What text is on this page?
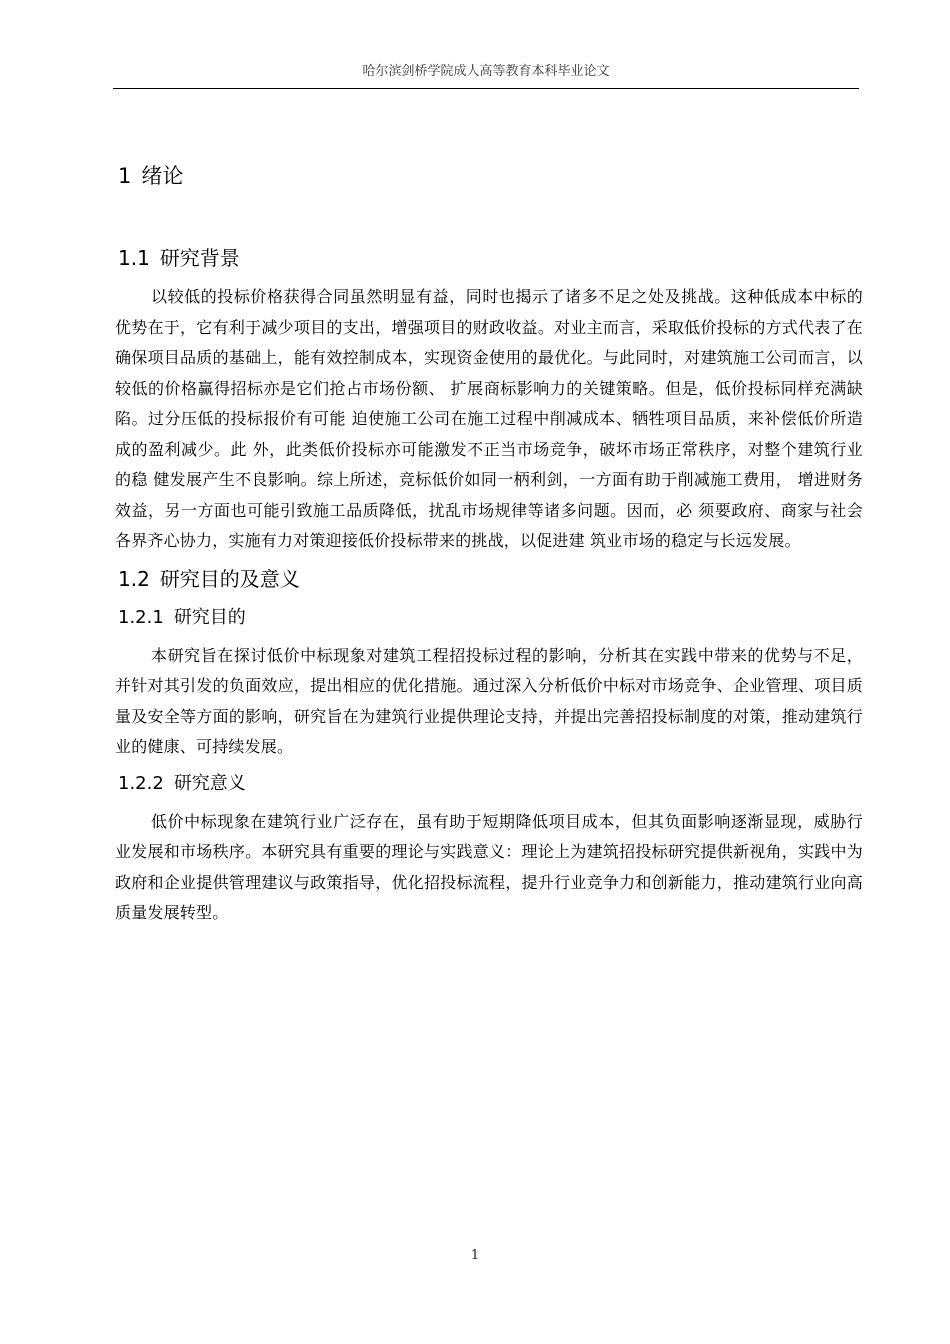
哈尔滨剑桥学院成人高等教育本科毕业论文
1 绪论
1.1 研究背景

以较低的投标价格获得合同虽然明显有益，同时也揭示了诸多不足之处及挑战。这种低成本中标的优势在于，它有利于减少项目的支出，增强项目的财政收益。对业主而言，采取低价投标的方式代表了在确保项目品质的基础上，能有效控制成本，实现资金使用的最优化。与此同时，对建筑施工公司而言，以较低的价格赢得招标亦是它们抢占市场份额、 扩展商标影响力的关键策略。但是，低价投标同样充满缺陷。过分压低的投标报价有可能 迫使施工公司在施工过程中削减成本、牺牲项目品质，来补偿低价所造成的盈利减少。此 外，此类低价投标亦可能激发不正当市场竞争，破坏市场正常秩序，对整个建筑行业的稳 健发展产生不良影响。综上所述，竞标低价如同一柄利剑，一方面有助于削减施工费用， 增进财务效益，另一方面也可能引致施工品质降低，扰乱市场规律等诸多问题。因而，必 须要政府、商家与社会各界齐心协力，实施有力对策迎接低价投标带来的挑战，以促进建 筑业市场的稳定与长远发展。

1.2 研究目的及意义
1.2.1 研究目的

本研究旨在探讨低价中标现象对建筑工程招投标过程的影响，分析其在实践中带来的优势与不足，并针对其引发的负面效应，提出相应的优化措施。通过深入分析低价中标对市场竞争、企业管理、项目质量及安全等方面的影响，研究旨在为建筑行业提供理论支持，并提出完善招投标制度的对策，推动建筑行业的健康、可持续发展。

1.2.2 研究意义

低价中标现象在建筑行业广泛存在，虽有助于短期降低项目成本，但其负面影响逐渐显现，威胁行业发展和市场秩序。本研究具有重要的理论与实践意义：理论上为建筑招投标研究提供新视角，实践中为政府和企业提供管理建议与政策指导，优化招投标流程，提升行业竞争力和创新能力，推动建筑行业向高质量发展转型。

1
